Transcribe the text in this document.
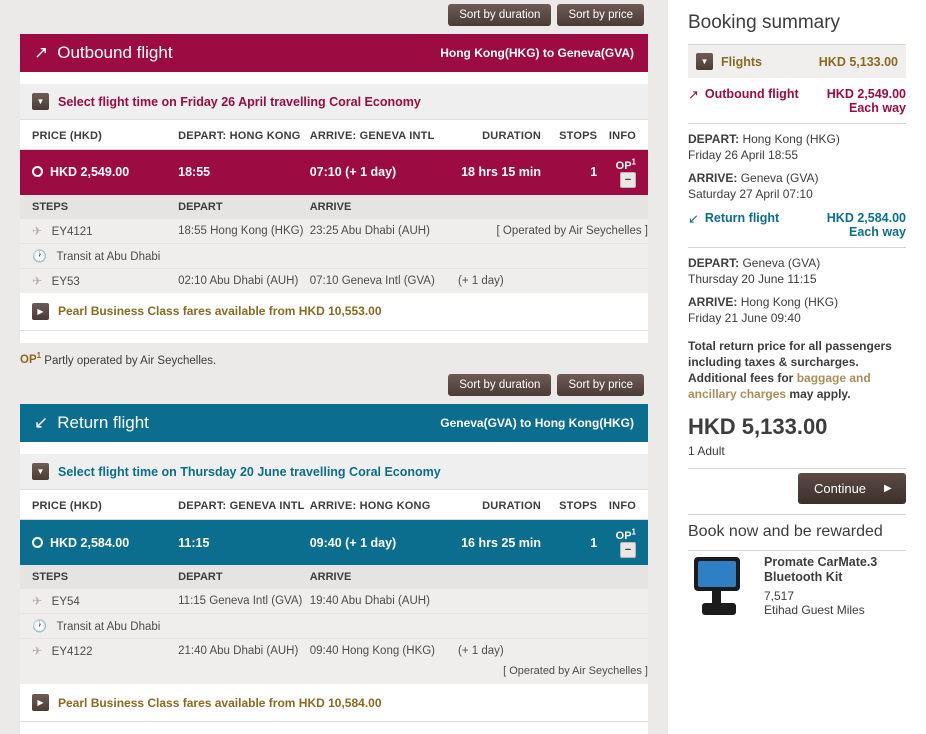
Sort by duration	Sort by price
↗ Outbound flight	Hong Kong(HKG) to Geneva(GVA)
▼	Select flight time on Friday 26 April travelling Coral Economy
PRICE (HKD)	DEPART: HONG KONG	ARRIVE: GENEVA INTL	DURATION	STOPS	INFO
HKD 2,549.00	18:55	07:10 (+ 1 day)	18 hrs 15 min	1	$OP^1$ −
STEPS	DEPART	ARRIVE			
✈ EY4121	18:55 Hong Kong (HKG)	23:25 Abu Dhabi (AUH)	[ Operated by Air Seychelles ]		
🕐 Transit at Abu Dhabi					
✈ EY53	02:10 Abu Dhabi (AUH)	07:10 Geneva Intl (GVA)	(+ 1 day)		
▶	Pearl Business Class fares available from HKD 10,553.00
$OP^1$ Partly operated by Air Seychelles.
Sort by duration	Sort by price
↙ Return flight	Geneva(GVA) to Hong Kong(HKG)
▼	Select flight time on Thursday 20 June travelling Coral Economy
PRICE (HKD)	DEPART: GENEVA INTL	ARRIVE: HONG KONG	DURATION	STOPS	INFO
HKD 2,584.00	11:15	09:40 (+ 1 day)	16 hrs 25 min	1	$OP^1$ −
STEPS	DEPART	ARRIVE			
✈ EY54	11:15 Geneva Intl (GVA)	19:40 Abu Dhabi (AUH)			
🕐 Transit at Abu Dhabi					
✈ EY4122	21:40 Abu Dhabi (AUH)	09:40 Hong Kong (HKG)	(+ 1 day)		
[ Operated by Air Seychelles ]					
▶	Pearl Business Class fares available from HKD 10,584.00
Booking summary
▼	Flights	HKD 5,133.00
↗ Outbound flight HKD 2,549.00
Each way
DEPART: Hong Kong (HKG)
Friday 26 April 18:55
ARRIVE: Geneva (GVA)
Saturday 27 April 07:10
↙ Return flight	HKD 2,584.00
Each way
DEPART: Geneva (GVA)
Thursday 20 June 11:15
ARRIVE: Hong Kong (HKG)
Friday 21 June 09:40
Total return price for all passengers including taxes & surcharges. Additional fees for baggage and ancillary charges may apply.
HKD 5,133.00
1 Adult
Continue ▶
Book now and be rewarded
Promate CarMate.3
Bluetooth Kit
7,517
Etihad Guest Miles
